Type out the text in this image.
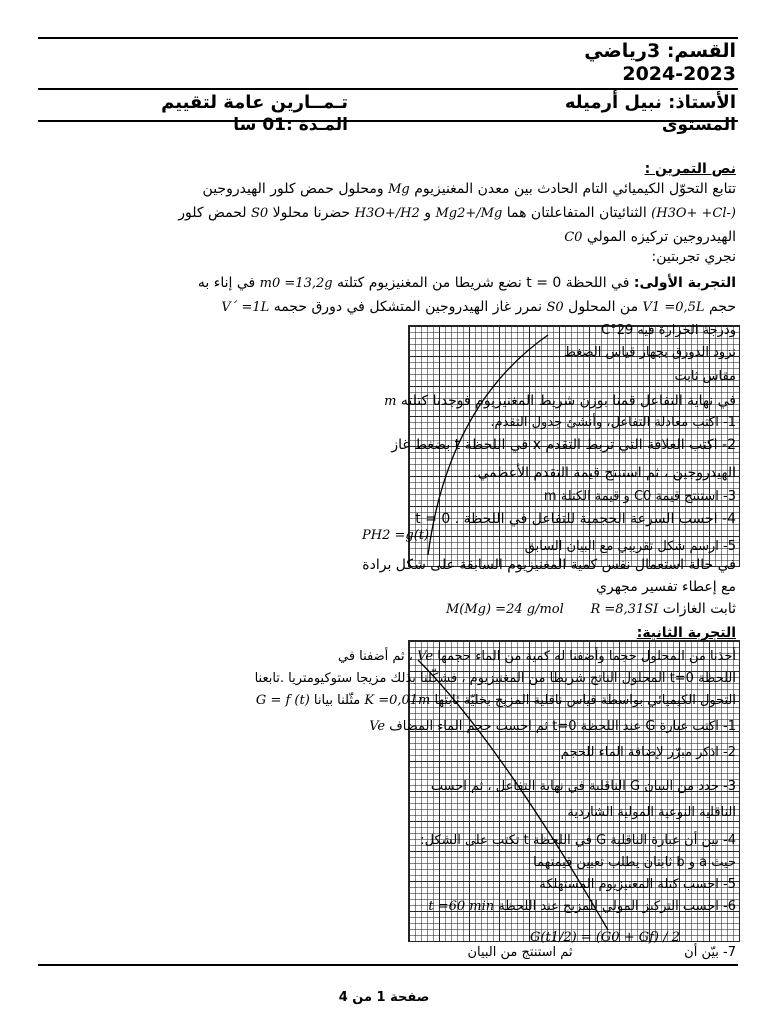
القسم: 3رياضي
2024-2023
الأستاذ: نبيل أرميله
تـمــارين عامة لتقييم
المستوى
المـدة :01 سا
نص التمرين :
تتابع التحوّل الكيميائي التام الحادث بين معدن المغنيزيوم Mg ومحلول حمض كلور الهيدروجين
(H3O+ +Cl-) الثنائيتان المتفاعلتان هما Mg2+/Mg و H3O+/H2 حضرنا محلولا S0 لحمض كلور
الهيدروجين تركيزه المولي C0
نجري تجربتين:
التجربة الأولى: في اللحظة 0 = t نضع شريطا من المغنيزيوم كتلته m0 =13,2g في إناء به
حجم V1 =0,5L من المحلول S0 نمرر غاز الهيدروجين المتشكل في دورق حجمه V´ =1L
ودرجة الحرارة فيه 29°C
نزود الدورق بجهاز قياس الضغط
مقاس ثابت
في نهاية التفاعل قمنا بوزن شريط المغنيزيوم فوجدنا كتلته m
1- اكتب معادلة التفاعل، وأنشئ جدول التقدم.
2- اكتب العلاقة التي تربط التقدم x في اللحظة t بضغط غاز
الهيدروجين ، ثم استنتج قيمة التقدم الأعظمي.
3- استنتج قيمة C0 و قيمة الكتلة m
4- احسب السرعة الحجمية للتفاعل في اللحظة . t = 0
PH2 =g(t)
5- ارسم شكل تقريبي مع البيان السابق
في حالة استعمال نفس كمية المغنيزيوم السابقة على شكل برادة
مع إعطاء تفسير مجهري
ثابت الغازات R =8,31SI      M(Mg) =24 g/mol
التجربة الثانية:
أخذنا من المحلول حجما وأضفنا له كمية من الماء حجمها Ve ، ثم أضفنا في
اللحظة t=0 المحلول الناتج شريطا من المغنيزيوم ، فشكّلنا بذلك مزيجا ستوكيومتريا .تابعنا
التحول الكيميائي بواسطة قياس ناقلية المزيج بخليّة ثابتها K =0,01m مثّلنا بيانا G = f (t)
1- اكتب عبارة G عند اللحظة t=0 ثم احسب حجم الماء المضاف Ve
2- اذكر مبرّر لإضافة الماء للحجم
3- حدد من البيان G الناقلية في نهاية التفاعل ، ثم احسب
الناقلية النوعية المولية الشاردية
4- بين أن عبارة الناقلية G في اللحظة t تكتب على الشكل:
حيث a و b ثابتان يطلب تعيين قيمتهما
5- احسب كتلة المغنيزيوم المستهلكة
6- احسب التركيز المولي للمزيج عند اللحظة t =60 min
G(t1/2) = (G0 + Gf) / 2
7- بيّن أن                           ثم استنتج من البيان
صفحة 1 من 4
